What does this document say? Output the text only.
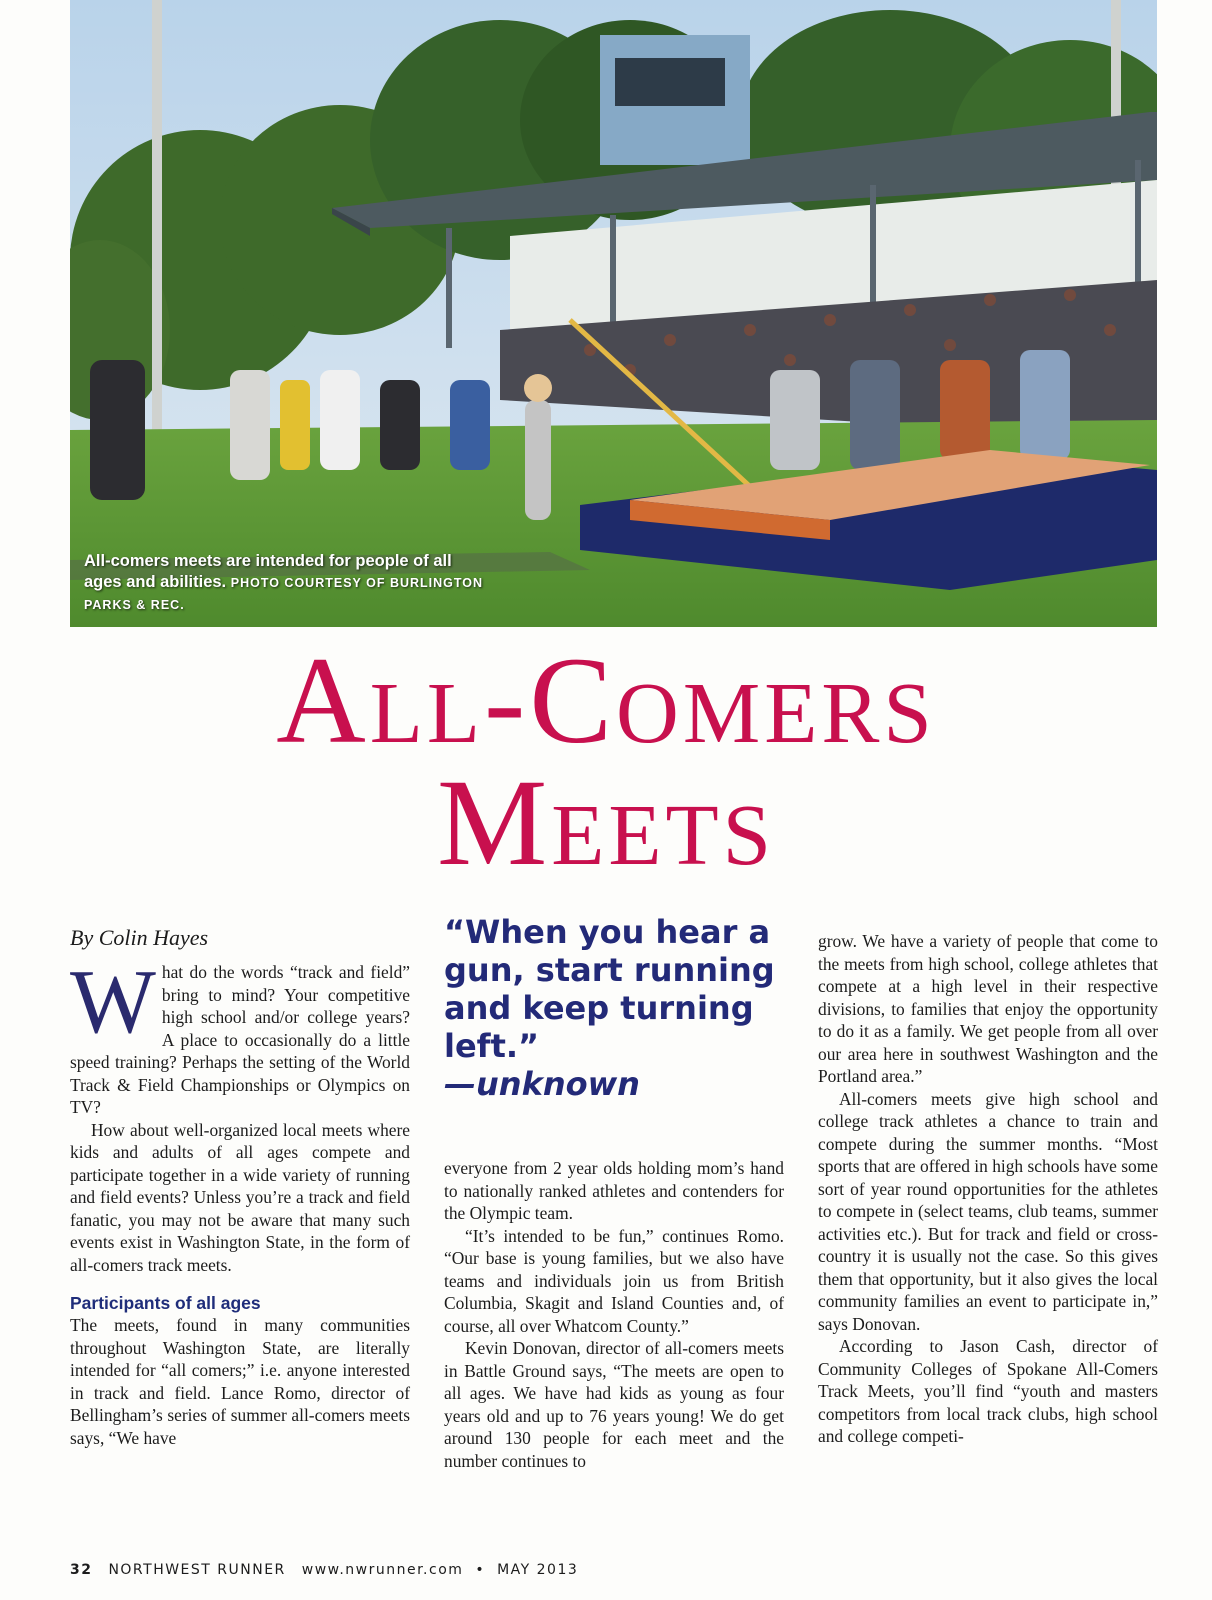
All-comers meets are intended for people of all ages and abilities. PHOTO COURTESY OF BURLINGTON PARKS & REC.
All-Comers
Meets
By Colin Hayes

What do the words “track and field” bring to mind? Your competitive high school and/or college years? A place to occasionally do a little speed training? Perhaps the setting of the World Track & Field Championships or Olympics on TV?

How about well-organized local meets where kids and adults of all ages compete and participate together in a wide variety of running and field events? Unless you’re a track and field fanatic, you may not be aware that many such events exist in Washington State, in the form of all-comers track meets.

Participants of all ages

The meets, found in many communities throughout Washington State, are literally intended for “all comers;” i.e. anyone interested in track and field. Lance Romo, director of Bellingham’s series of summer all-comers meets says, “We have

“When you hear a gun, start running and keep turning left.”
—unknown

everyone from 2 year olds holding mom’s hand to nationally ranked athletes and contenders for the Olympic team.

“It’s intended to be fun,” continues Romo. “Our base is young families, but we also have teams and individuals join us from British Columbia, Skagit and Island Counties and, of course, all over Whatcom County.”

Kevin Donovan, director of all-comers meets in Battle Ground says, “The meets are open to all ages. We have had kids as young as four years old and up to 76 years young! We do get around 130 people for each meet and the number continues to

grow. We have a variety of people that come to the meets from high school, college athletes that compete at a high level in their respective divisions, to families that enjoy the opportunity to do it as a family. We get people from all over our area here in southwest Washington and the Portland area.”

All-comers meets give high school and college track athletes a chance to train and compete during the summer months. “Most sports that are offered in high schools have some sort of year round opportunities for the athletes to compete in (select teams, club teams, summer activities etc.). But for track and field or cross-country it is usually not the case. So this gives them that opportunity, but it also gives the local community families an event to participate in,” says Donovan.

According to Jason Cash, director of Community Colleges of Spokane All-Comers Track Meets, you’ll find “youth and masters competitors from local track clubs, high school and college competi-

32 NORTHWEST RUNNER www.nwrunner.com • MAY 2013
